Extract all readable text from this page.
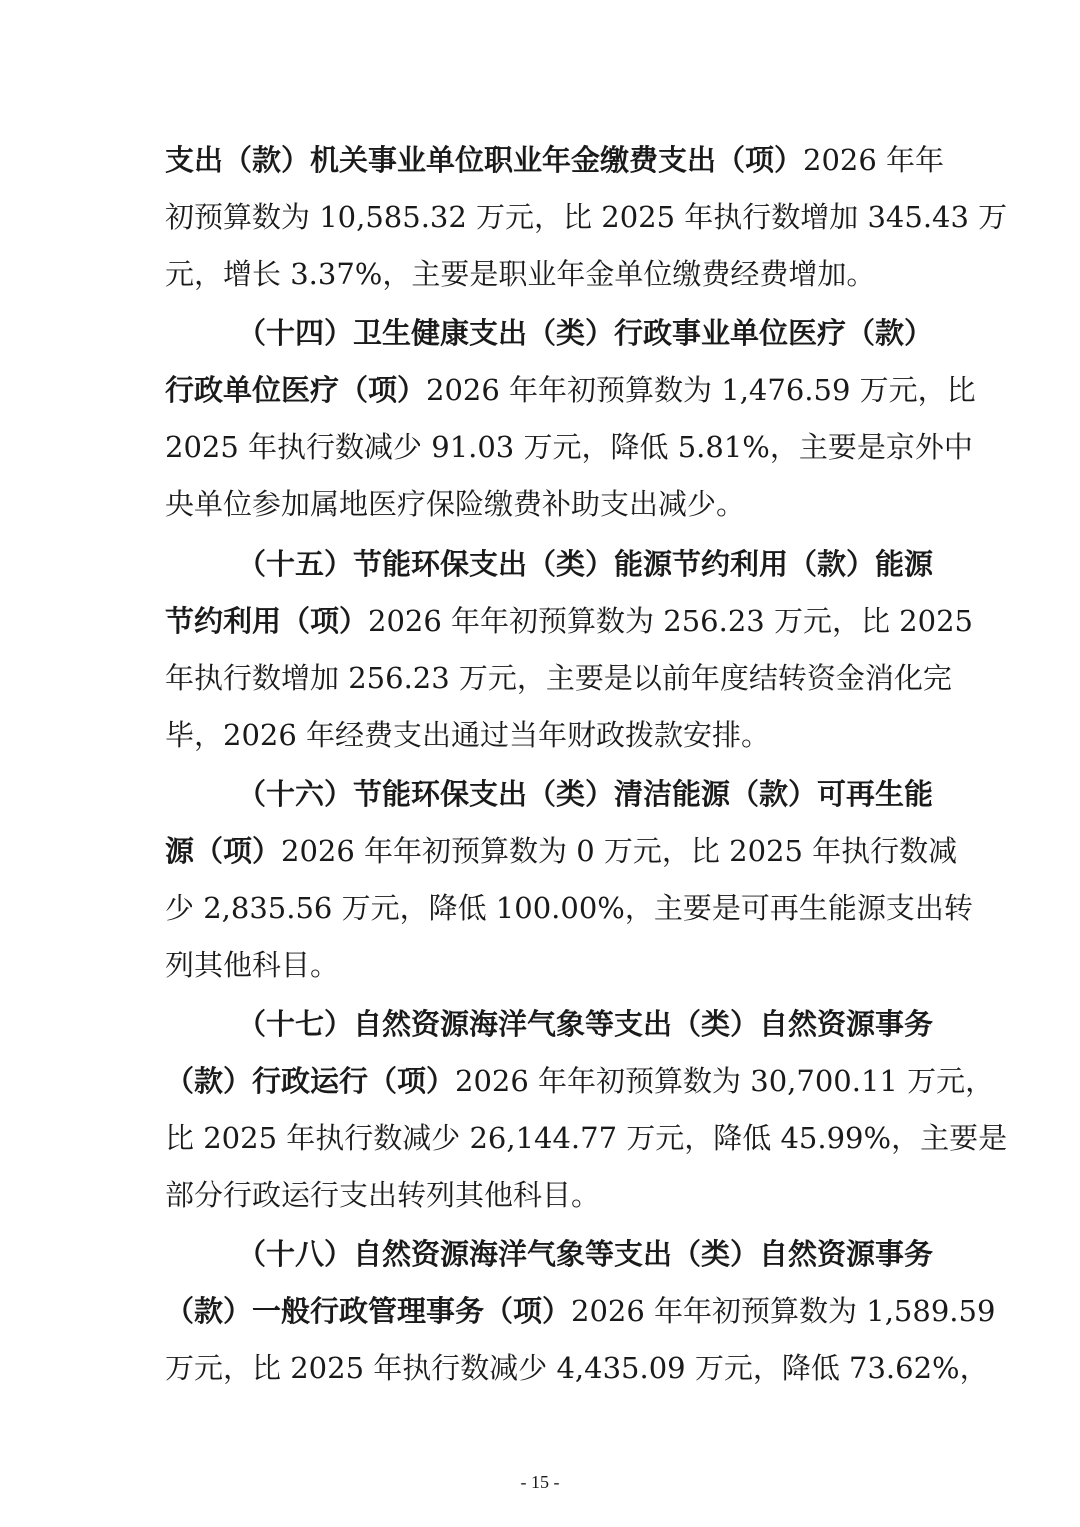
支出（款）机关事业单位职业年金缴费支出（项）2026 年年
初预算数为 10,585.32 万元，比 2025 年执行数增加 345.43 万
元，增长 3.37%，主要是职业年金单位缴费经费增加。
（十四）卫生健康支出（类）行政事业单位医疗（款）
行政单位医疗（项）2026 年年初预算数为 1,476.59 万元，比
2025 年执行数减少 91.03 万元，降低 5.81%，主要是京外中
央单位参加属地医疗保险缴费补助支出减少。
（十五）节能环保支出（类）能源节约利用（款）能源
节约利用（项）2026 年年初预算数为 256.23 万元，比 2025
年执行数增加 256.23 万元，主要是以前年度结转资金消化完
毕，2026 年经费支出通过当年财政拨款安排。
（十六）节能环保支出（类）清洁能源（款）可再生能
源（项）2026 年年初预算数为 0 万元，比 2025 年执行数减
少 2,835.56 万元，降低 100.00%，主要是可再生能源支出转
列其他科目。
（十七）自然资源海洋气象等支出（类）自然资源事务
（款）行政运行（项）2026 年年初预算数为 30,700.11 万元，
比 2025 年执行数减少 26,144.77 万元，降低 45.99%，主要是
部分行政运行支出转列其他科目。
（十八）自然资源海洋气象等支出（类）自然资源事务
（款）一般行政管理事务（项）2026 年年初预算数为 1,589.59
万元，比 2025 年执行数减少 4,435.09 万元，降低 73.62%，
- 15 -
